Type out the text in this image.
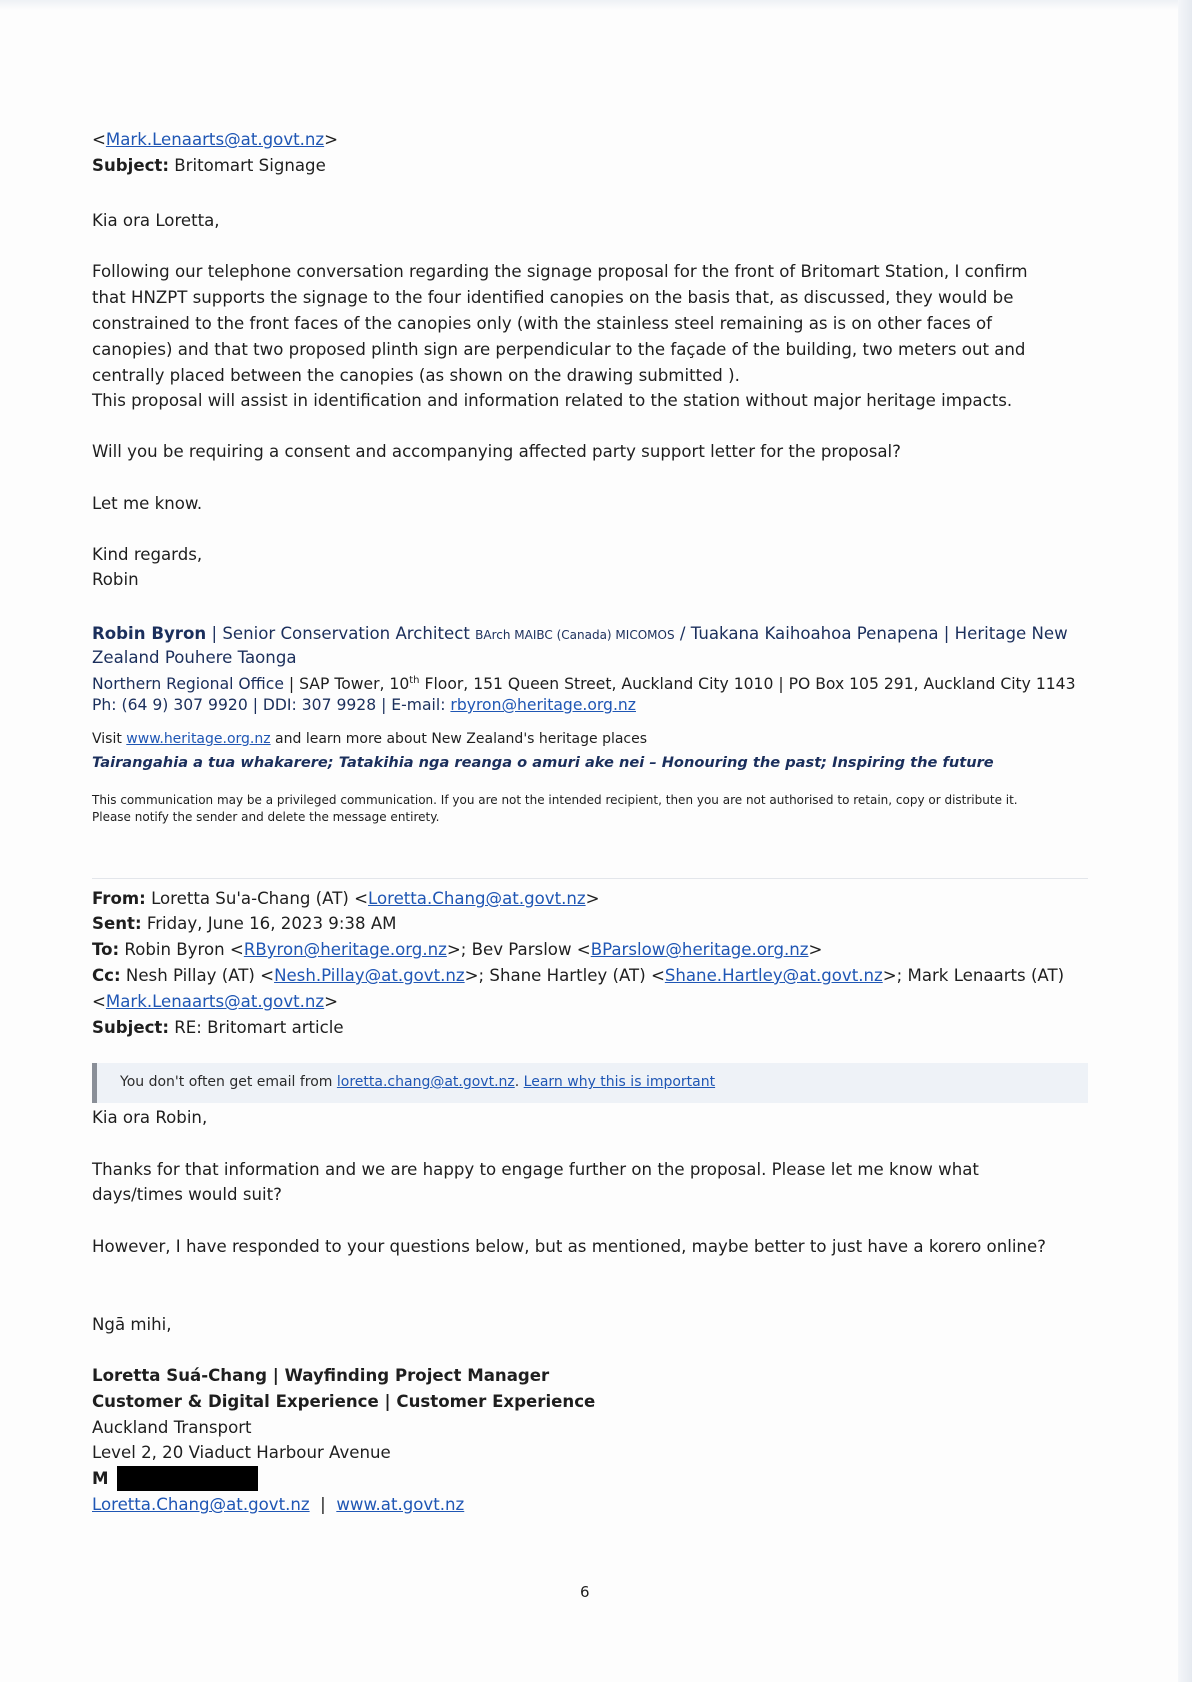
<Mark.Lenaarts@at.govt.nz>
Subject: Britomart Signage
Kia ora Loretta,
Following our telephone conversation regarding the signage proposal for the front of Britomart Station, I confirm
that HNZPT supports the signage to the four identified canopies on the basis that, as discussed, they would be
constrained to the front faces of the canopies only (with the stainless steel remaining as is on other faces of
canopies) and that two proposed plinth sign are perpendicular to the façade of the building, two meters out and
centrally placed between the canopies (as shown on the drawing submitted ).
This proposal will assist in identification and information related to the station without major heritage impacts.
Will you be requiring a consent and accompanying affected party support letter for the proposal?
Let me know.
Kind regards,
Robin
Robin Byron | Senior Conservation Architect BArch MAIBC (Canada) MICOMOS / Tuakana Kaihoahoa Penapena | Heritage New
Zealand Pouhere Taonga
Northern Regional Office | SAP Tower, 10th Floor, 151 Queen Street, Auckland City 1010 | PO Box 105 291, Auckland City 1143
Ph: (64 9) 307 9920 | DDI: 307 9928 | E-mail: rbyron@heritage.org.nz
Visit www.heritage.org.nz and learn more about New Zealand's heritage places
Tairangahia a tua whakarere; Tatakihia nga reanga o amuri ake nei – Honouring the past; Inspiring the future
This communication may be a privileged communication. If you are not the intended recipient, then you are not authorised to retain, copy or distribute it.
Please notify the sender and delete the message entirety.
From: Loretta Su'a-Chang (AT) <Loretta.Chang@at.govt.nz>
Sent: Friday, June 16, 2023 9:38 AM
To: Robin Byron <RByron@heritage.org.nz>; Bev Parslow <BParslow@heritage.org.nz>
Cc: Nesh Pillay (AT) <Nesh.Pillay@at.govt.nz>; Shane Hartley (AT) <Shane.Hartley@at.govt.nz>; Mark Lenaarts (AT)
<Mark.Lenaarts@at.govt.nz>
Subject: RE: Britomart article
You don't often get email from loretta.chang@at.govt.nz. Learn why this is important
Kia ora Robin,
Thanks for that information and we are happy to engage further on the proposal. Please let me know what
days/times would suit?
However, I have responded to your questions below, but as mentioned, maybe better to just have a korero online?
Ngā mihi,
Loretta Suá-Chang | Wayfinding Project Manager
Customer & Digital Experience | Customer Experience
Auckland Transport
Level 2, 20 Viaduct Harbour Avenue
M
Loretta.Chang@at.govt.nz  |  www.at.govt.nz
6
